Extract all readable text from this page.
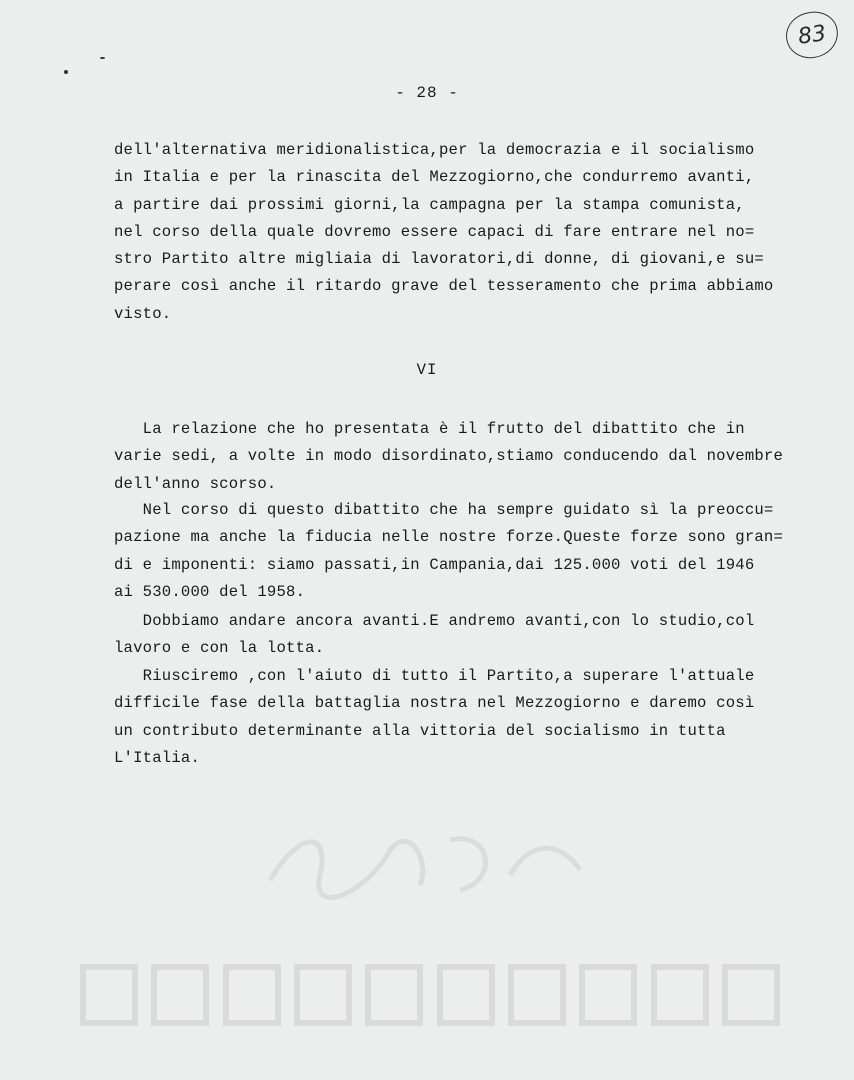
83
- 28 -
dell'alternativa meridionalistica,per la democrazia e il socialismo
in Italia e per la rinascita del Mezzogiorno,che condurremo avanti,
a partire dai prossimi giorni,la campagna per la stampa comunista,
nel corso della quale dovremo essere capaci di fare entrare nel no=
stro Partito altre migliaia di lavoratori,di donne, di giovani,e su=
perare così anche il ritardo grave del tesseramento che prima abbiamo
visto.
VI
La relazione che ho presentata è il frutto del dibattito che in
varie sedi, a volte in modo disordinato,stiamo conducendo dal novembre
dell'anno scorso.
Nel corso di questo dibattito che ha sempre guidato sì la preoccu=
pazione ma anche la fiducia nelle nostre forze.Queste forze sono gran=
di e imponenti: siamo passati,in Campania,dai 125.000 voti del 1946
ai 530.000 del 1958.
Dobbiamo andare ancora avanti.E andremo avanti,con lo studio,col
lavoro e con la lotta.
Riusciremo ,con l'aiuto di tutto il Partito,a superare l'attuale
difficile fase della battaglia nostra nel Mezzogiorno e daremo così
un contributo determinante alla vittoria del socialismo in tutta
L'Italia.
